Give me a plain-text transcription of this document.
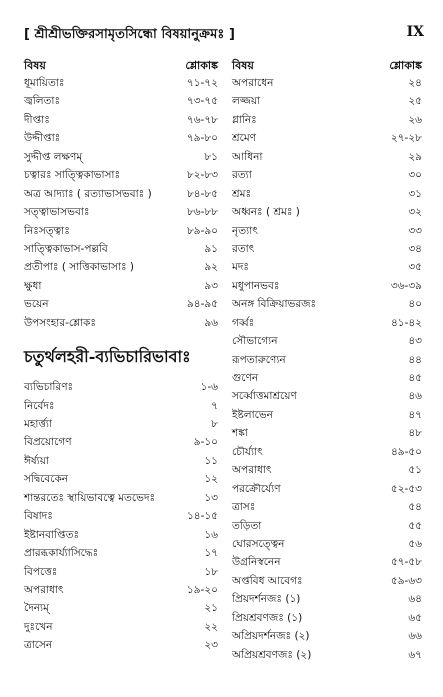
[ শ্রীশ্রীভক্তিরসামৃতসিন্ধো বিষয়ানুক্রমঃ ]	IX
বিষয়	শ্লোকাঙ্ক
ধূমায়িতাঃ	৭১-৭২
জ্বলিতাঃ	৭৩-৭৫
দীপ্তাঃ	৭৬-৭৮
উদ্দীপ্তাঃ	৭৯-৮০
সুদ্দীপ্ত লক্ষণম্	৮১
চত্বারঃ সাত্ত্বিকাভাসাঃ	৮২-৮৩
অত্র আদ্যাঃ ( রত্যাভাসভবাঃ )	৮৪-৮৫
সত্ত্বাভাসভবাঃ	৮৬-৮৮
নিঃসত্ত্বাঃ	৮৯-৯০
সাত্ত্বিকাভাস-পল্লবি	৯১
প্রতীপাঃ ( সাত্তিকাভাসাঃ )	৯২
ক্ষুধা	৯৩
ভয়েন	৯৪-৯৫
উপসংহার-শ্লোকঃ	৯৬
চতুর্থলহরী-ব্যভিচারিভাবাঃ
ব্যভিচারিণঃ	১-৬
নির্বেদঃ	৭
মহার্ত্ত্যা	৮
বিপ্রয়োগেণ	৯-১০
ঈর্ষ্যয়া	১১
সদ্বিবেকেন	১২
শান্তরতেঃ স্থায়িভাবত্বে মতভেদঃ	১৩
বিষাদঃ	১৪-১৫
ইষ্টানবাপ্তিতঃ	১৬
প্রারব্ধকার্য্যাসিদ্ধেঃ	১৭
বিপত্তেঃ	১৮
অপরাধাৎ	১৯-২০
দৈন্যম্	২১
দুঃখেন	২২
ত্রাসেন	২৩
বিষয়	শ্লোকাঙ্ক
অপরাধেন	২৪
লজ্জয়া	২৫
গ্লানিঃ	২৬
শ্রমেণ	২৭-২৮
আধিনা	২৯
রত্যা	৩০
শ্রমঃ	৩১
অধ্বনঃ ( শ্রমঃ )	৩২
নৃত্যাৎ	৩৩
রতাৎ	৩৪
মদঃ	৩৫
মধুপানভবঃ	৩৬-৩৯
অনঙ্গ বিক্রিয়াভরজঃ	৪০
গর্ব্বঃ	৪১-৪২
সৌভাগ্যেন	৪৩
রূপতারুণ্যেন	৪৪
গুণেন	৪৫
সর্ব্বোত্তমাশ্রয়েণ	৪৬
ইষ্টলাভেন	৪৭
শঙ্কা	৪৮
চৌর্য্যাৎ	৪৯-৫০
অপরাধাৎ	৫১
পরক্রৌর্য্যেণ	৫২-৫৩
ত্রাসঃ	৫৪
তড়িতা	৫৫
ঘোরসত্ত্বেন	৫৬
উগ্রনিস্বনেন	৫৭-৫৮
অপ্তবিধ আবেগঃ	৫৯-৬৩
প্রিয়দর্শনজঃ (১)	৬৪
প্রিয়শ্রবণজঃ (১)	৬৫
অপ্রিয়দর্শনজঃ (২)	৬৬
অপ্রিয়শ্রবণজঃ (২)	৬৭
